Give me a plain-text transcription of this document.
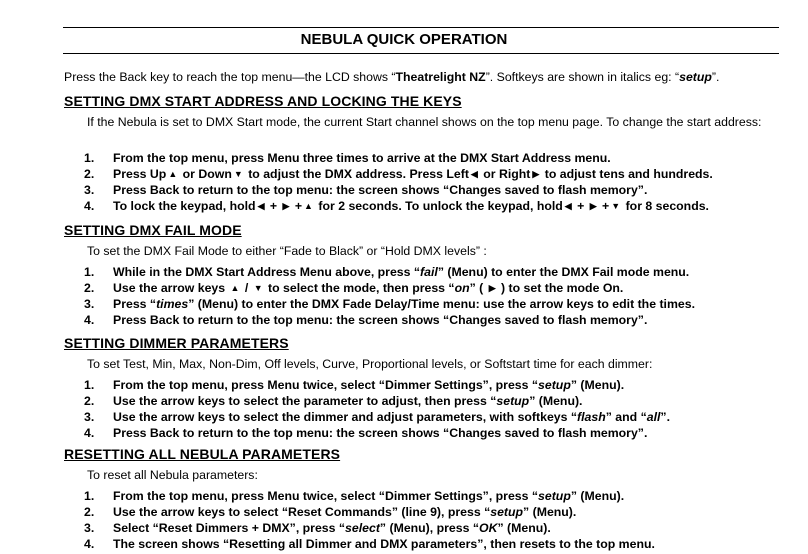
NEBULA QUICK OPERATION
Press the Back key to reach the top menu—the LCD shows “Theatrelight NZ”. Softkeys are shown in italics eg: “setup”.
SETTING DMX START ADDRESS AND LOCKING THE KEYS
If the Nebula is set to DMX Start mode, the current Start channel shows on the top menu page. To change the start address:
1. From the top menu, press Menu three times to arrive at the DMX Start Address menu.
2. Press Up ▲ or Down ▼ to adjust the DMX address. Press Left ◀ or Right ▶ to adjust tens and hundreds.
3. Press Back to return to the top menu: the screen shows “Changes saved to flash memory”.
4. To lock the keypad, hold ◀ + ▶ + ▲ for 2 seconds. To unlock the keypad, hold ◀ + ▶ + ▼ for 8 seconds.
SETTING DMX FAIL MODE
To set the DMX Fail Mode to either “Fade to Black” or “Hold DMX levels” :
1. While in the DMX Start Address Menu above, press “fail” (Menu) to enter the DMX Fail mode menu.
2. Use the arrow keys ▲ / ▼ to select the mode, then press “on” ( ▶ ) to set the mode On.
3. Press “times” (Menu) to enter the DMX Fade Delay/Time menu: use the arrow keys to edit the times.
4. Press Back to return to the top menu: the screen shows “Changes saved to flash memory”.
SETTING DIMMER PARAMETERS
To set Test, Min, Max, Non-Dim, Off levels, Curve, Proportional levels, or Softstart time for each dimmer:
1. From the top menu, press Menu twice, select “Dimmer Settings”, press “setup” (Menu).
2. Use the arrow keys to select the parameter to adjust, then press “setup” (Menu).
3. Use the arrow keys to select the dimmer and adjust parameters, with softkeys “flash” and “all”.
4. Press Back to return to the top menu: the screen shows “Changes saved to flash memory”.
RESETTING ALL NEBULA PARAMETERS
To reset all Nebula parameters:
1. From the top menu, press Menu twice, select “Dimmer Settings”, press “setup” (Menu).
2. Use the arrow keys to select “Reset Commands” (line 9), press “setup” (Menu).
3. Select “Reset Dimmers + DMX”, press “select” (Menu), press “OK” (Menu).
4. The screen shows “Resetting all Dimmer and DMX parameters”, then resets to the top menu.
